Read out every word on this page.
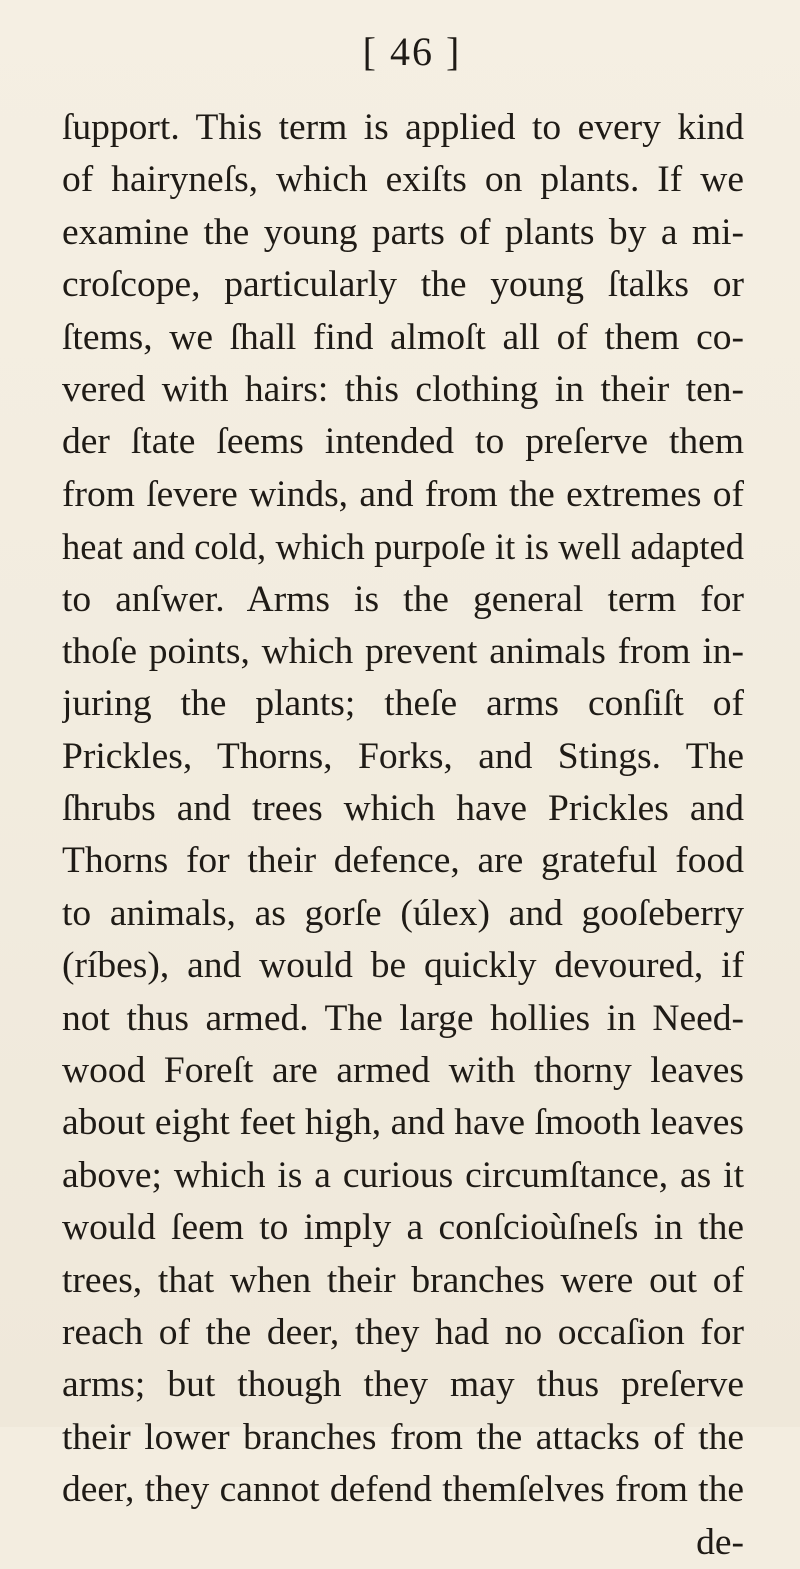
[ 46 ]
ſupport. This term is applied to every kind
of hairyneſs, which exiſts on plants. If we
examine the young parts of plants by a mi-
croſcope, particularly the young ſtalks or
ſtems, we ſhall find almoſt all of them co-
vered with hairs: this clothing in their ten-
der ſtate ſeems intended to preſerve them
from ſevere winds, and from the extremes of
heat and cold, which purpoſe it is well adapted
to anſwer. Arms is the general term for
thoſe points, which prevent animals from in-
juring the plants; theſe arms conſiſt of
Prickles, Thorns, Forks, and Stings. The
ſhrubs and trees which have Prickles and
Thorns for their defence, are grateful food
to animals, as gorſe (úlex) and gooſeberry
(ríbes), and would be quickly devoured, if
not thus armed. The large hollies in Need-
wood Foreſt are armed with thorny leaves
about eight feet high, and have ſmooth leaves
above; which is a curious circumſtance, as it
would ſeem to imply a conſcioùſneſs in the
trees, that when their branches were out of
reach of the deer, they had no occaſion for
arms; but though they may thus preſerve
their lower branches from the attacks of the
deer, they cannot defend themſelves from the
de-
